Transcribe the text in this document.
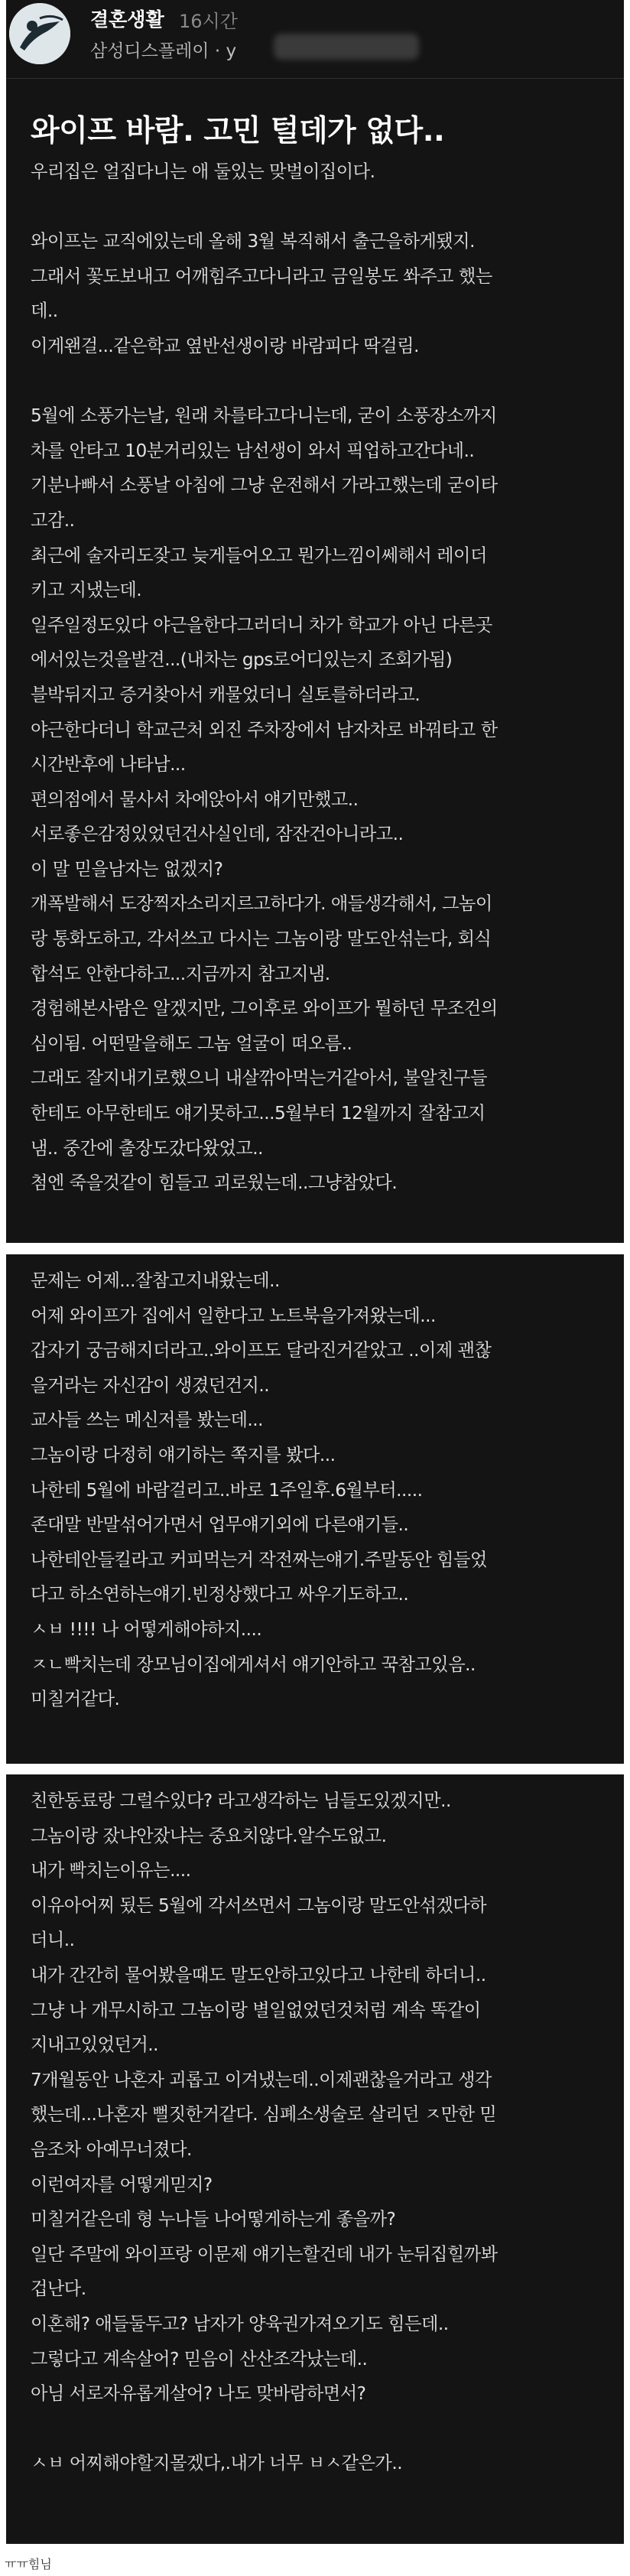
결혼생활 16시간
삼성디스플레이 · y
와이프 바람. 고민 털데가 없다..
우리집은 얼집다니는 애 둘있는 맞벌이집이다.
와이프는 교직에있는데 올해 3월 복직해서 출근을하게됐지.
그래서 꽃도보내고 어깨힘주고다니라고 금일봉도 쏴주고 했는
데..
이게왠걸...같은학교 옆반선생이랑 바람피다 딱걸림.
5월에 소풍가는날, 원래 차를타고다니는데, 굳이 소풍장소까지
차를 안타고 10분거리있는 남선생이 와서 픽업하고간다네..
기분나빠서 소풍날 아침에 그냥 운전해서 가라고했는데 굳이타
고감..
최근에 술자리도잦고 늦게들어오고 뭔가느낌이쎄해서 레이더
키고 지냈는데.
일주일정도있다 야근을한다그러더니 차가 학교가 아닌 다른곳
에서있는것을발견...(내차는 gps로어디있는지 조회가됨)
블박뒤지고 증거찾아서 캐물었더니 실토를하더라고.
야근한다더니 학교근처 외진 주차장에서 남자차로 바꿔타고 한
시간반후에 나타남...
편의점에서 물사서 차에앉아서 얘기만했고..
서로좋은감정있었던건사실인데, 잠잔건아니라고..
이 말 믿을남자는 없겠지?
개폭발해서 도장찍자소리지르고하다가. 애들생각해서, 그놈이
랑 통화도하고, 각서쓰고 다시는 그놈이랑 말도안섞는다, 회식
합석도 안한다하고...지금까지 참고지냄.
경험해본사람은 알겠지만, 그이후로 와이프가 뭘하던 무조건의
심이됨. 어떤말을해도 그놈 얼굴이 떠오름..
그래도 잘지내기로했으니 내살깎아먹는거같아서, 불알친구들
한테도 아무한테도 얘기못하고...5월부터 12월까지 잘참고지
냄.. 중간에 출장도갔다왔었고..
첨엔 죽을것같이 힘들고 괴로웠는데..그냥참았다.
문제는 어제...잘참고지내왔는데..
어제 와이프가 집에서 일한다고 노트북을가져왔는데...
갑자기 궁금해지더라고..와이프도 달라진거같았고 ..이제 괜찮
을거라는 자신감이 생겼던건지..
교사들 쓰는 메신저를 봤는데...
그놈이랑 다정히 얘기하는 쪽지를 봤다...
나한테 5월에 바람걸리고..바로 1주일후.6월부터.....
존대말 반말섞어가면서 업무얘기외에 다른얘기들..
나한테안들킬라고 커피먹는거 작전짜는얘기.주말동안 힘들었
다고 하소연하는얘기.빈정상했다고 싸우기도하고..
ㅅㅂ !!!! 나 어떻게해야하지....
ㅈㄴ빡치는데 장모님이집에게셔서 얘기안하고 꾹참고있음..
미칠거같다.
친한동료랑 그럴수있다? 라고생각하는 님들도있겠지만..
그놈이랑 잤냐안잤냐는 중요치않다.알수도없고.
내가 빡치는이유는....
이유아어찌 됬든 5월에 각서쓰면서 그놈이랑 말도안섞겠다하
더니..
내가 간간히 물어봤을때도 말도안하고있다고 나한테 하더니..
그냥 나 개무시하고 그놈이랑 별일없었던것처럼 계속 똑같이
지내고있었던거..
7개월동안 나혼자 괴롭고 이겨냈는데..이제괜찮을거라고 생각
했는데...나혼자 뻘짓한거같다. 심폐소생술로 살리던 ㅈ만한 믿
음조차 아예무너졌다.
이런여자를 어떻게믿지?
미칠거같은데 형 누나들 나어떻게하는게 좋을까?
일단 주말에 와이프랑 이문제 얘기는할건데 내가 눈뒤집힐까봐
겁난다.
이혼해? 애들둘두고? 남자가 양육권가져오기도 힘든데..
그렇다고 계속살어? 믿음이 산산조각났는데..
아님 서로자유롭게살어? 나도 맞바람하면서?
ㅅㅂ 어찌해야할지몰겠다,.내가 너무 ㅂㅅ같은가..
ㅠㅠ힘님
